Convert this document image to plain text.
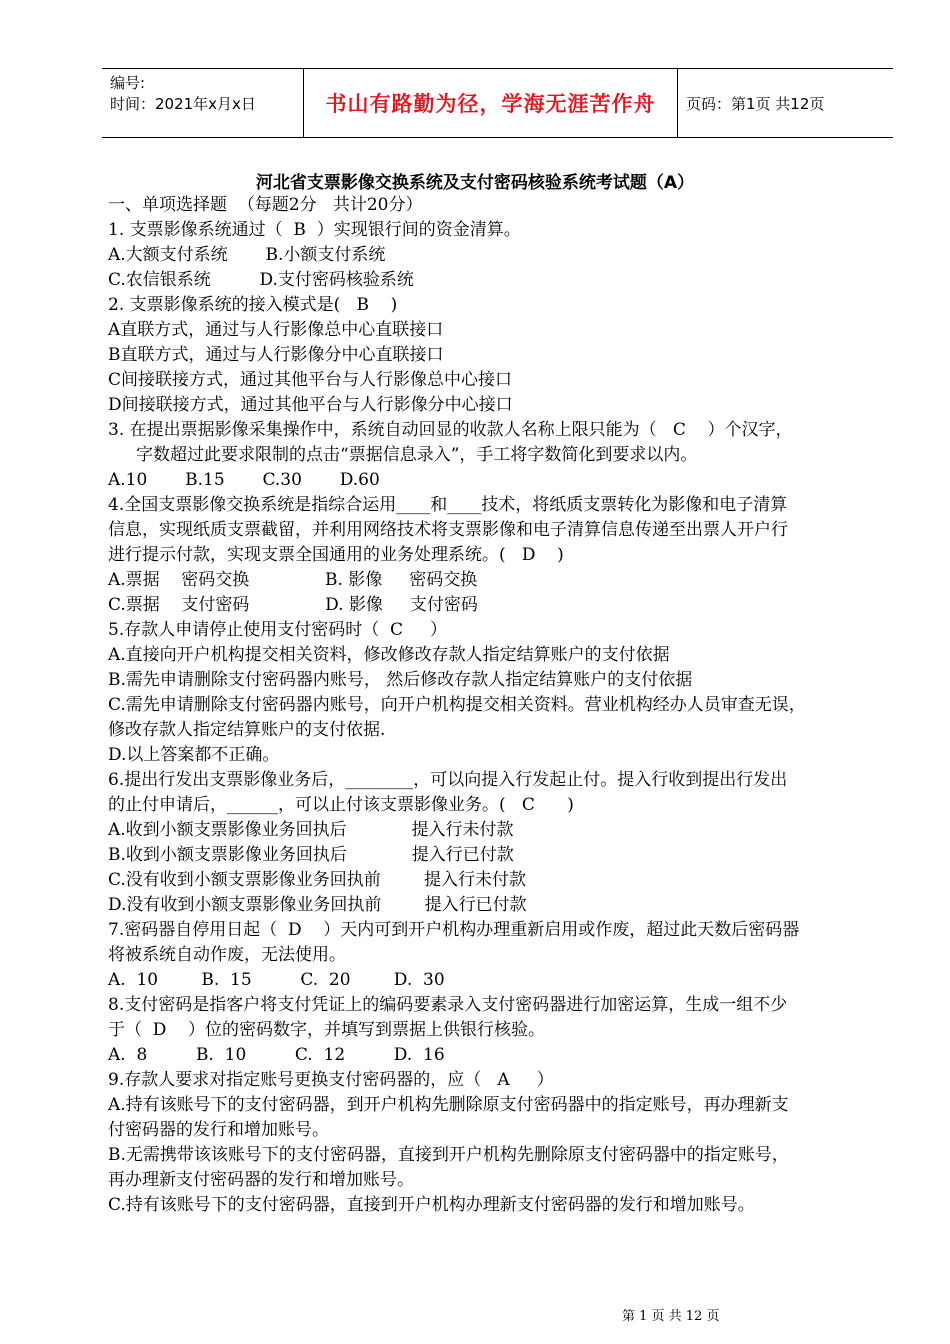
编号:
时间：2021年x月x日	书山有路勤为径，学海无涯苦作舟	页码：第1页 共12页
河北省支票影像交换系统及支付密码核验系统考试题（A）
一、单项选择题  （每题2分   共计20分）
1. 支票影像系统通过（  B  ）实现银行间的资金清算。
A.大额支付系统       B.小额支付系统
C.农信银系统         D.支付密码核验系统
2. 支票影像系统的接入模式是(   B    )
A直联方式，通过与人行影像总中心直联接口
B直联方式，通过与人行影像分中心直联接口
C间接联接方式，通过其他平台与人行影像总中心接口
D间接联接方式，通过其他平台与人行影像分中心接口
3. 在提出票据影像采集操作中，系统自动回显的收款人名称上限只能为（   C    ）个汉字，
字数超过此要求限制的点击“票据信息录入”，手工将字数简化到要求以内。
A.10       B.15       C.30       D.60
4.全国支票影像交换系统是指综合运用____和____技术，将纸质支票转化为影像和电子清算
信息，实现纸质支票截留，并利用网络技术将支票影像和电子清算信息传递至出票人开户行
进行提示付款，实现支票全国通用的业务处理系统。(   D    )
A.票据    密码交换              B. 影像     密码交换
C.票据    支付密码              D. 影像     支付密码
5.存款人申请停止使用支付密码时（  C     ）
A.直接向开户机构提交相关资料，修改修改存款人指定结算账户的支付依据
B.需先申请删除支付密码器内账号， 然后修改存款人指定结算账户的支付依据
C.需先申请删除支付密码器内账号，向开户机构提交相关资料。营业机构经办人员审查无误，
修改存款人指定结算账户的支付依据.
D.以上答案都不正确。
6.提出行发出支票影像业务后，________，可以向提入行发起止付。提入行收到提出行发出
的止付申请后，______，可以止付该支票影像业务。(   C      )
A.收到小额支票影像业务回执后            提入行未付款
B.收到小额支票影像业务回执后            提入行已付款
C.没有收到小额支票影像业务回执前        提入行未付款
D.没有收到小额支票影像业务回执前        提入行已付款
7.密码器自停用日起（  D    ）天内可到开户机构办理重新启用或作废，超过此天数后密码器
将被系统自动作废，无法使用。
A.  10        B.  15         C.  20        D.  30
8.支付密码是指客户将支付凭证上的编码要素录入支付密码器进行加密运算，生成一组不少
于（  D    ）位的密码数字，并填写到票据上供银行核验。
A.  8         B.  10         C.  12         D.  16
9.存款人要求对指定账号更换支付密码器的，应（   A     ）
A.持有该账号下的支付密码器，到开户机构先删除原支付密码器中的指定账号，再办理新支
付密码器的发行和增加账号。
B.无需携带该该账号下的支付密码器，直接到开户机构先删除原支付密码器中的指定账号，
再办理新支付密码器的发行和增加账号。
C.持有该账号下的支付密码器，直接到开户机构办理新支付密码器的发行和增加账号。
第 1 页 共 12 页
